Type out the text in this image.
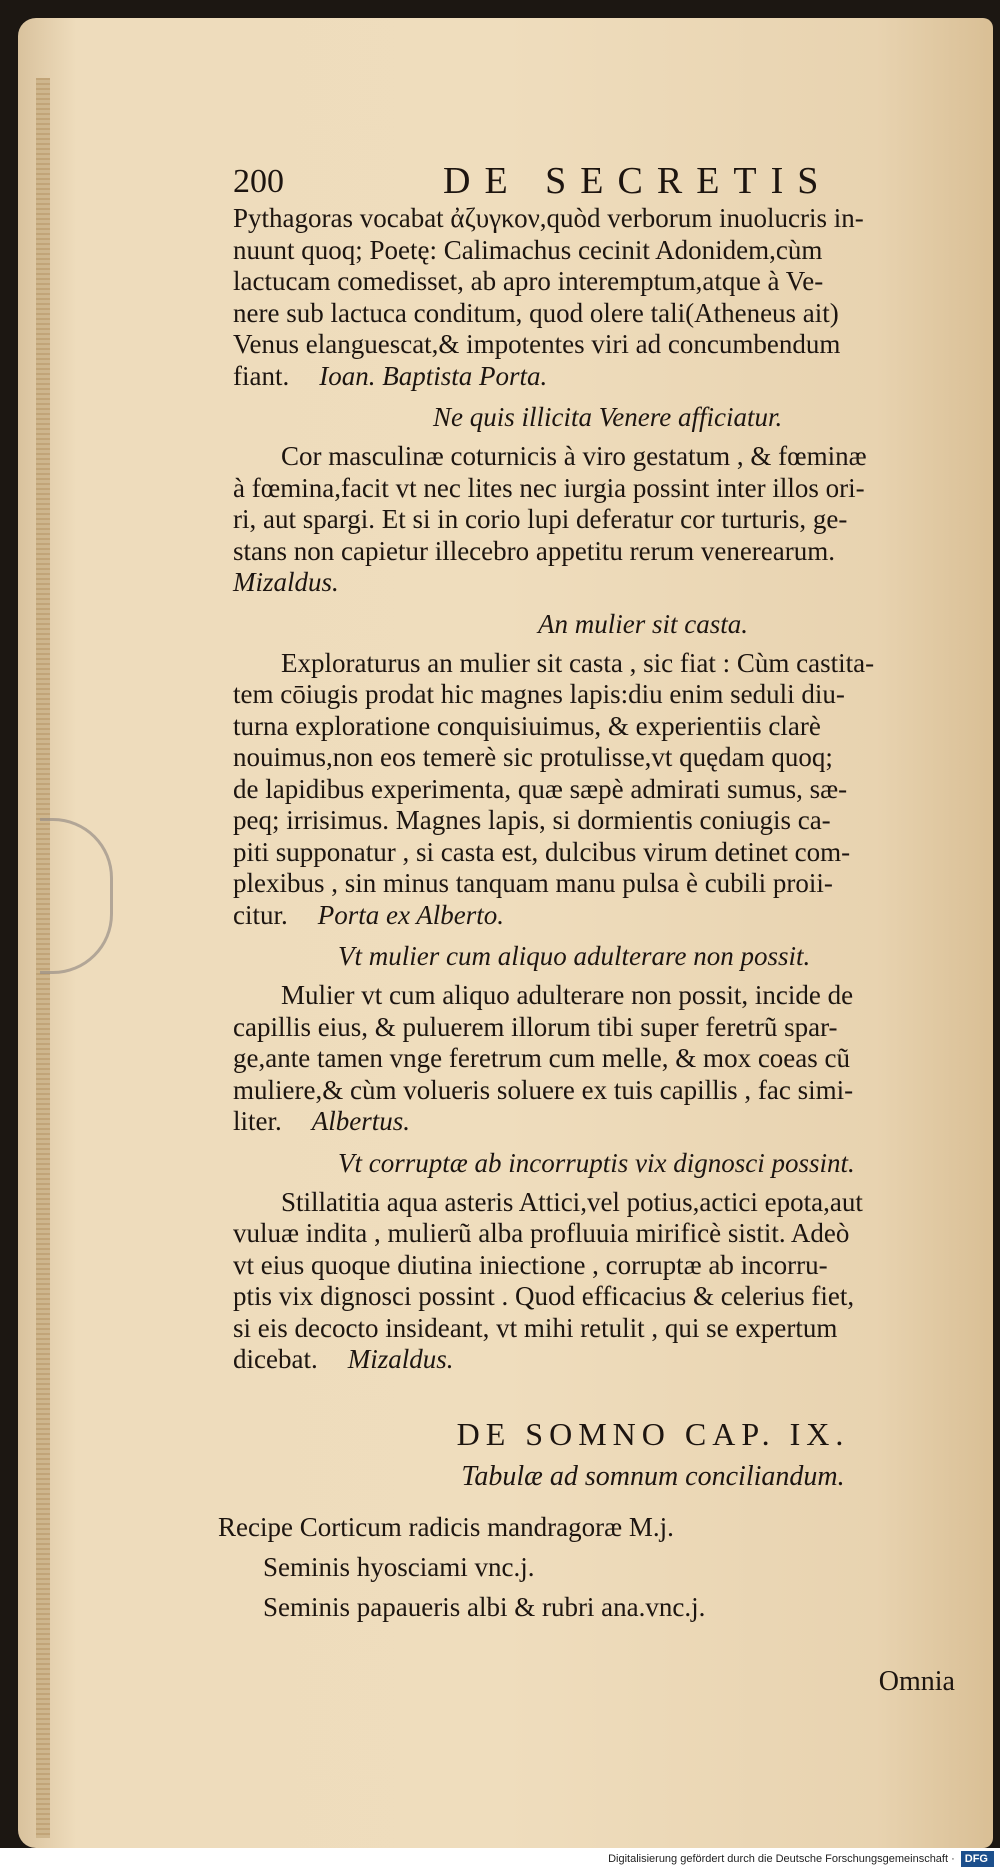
200	DE SECRETIS
Pythagoras vocabat ἀζυγκον,quòd verborum inuolucris in-
nuunt quoq; Poetę: Calimachus cecinit Adonidem,cùm
lactucam comedisset, ab apro interemptum,atque à Ve-
nere sub lactuca conditum, quod olere tali(Atheneus ait)
Venus elanguescat,& impotentes viri ad concumbendum
fiant. Ioan. Baptista Porta.
Ne quis illicita Venere afficiatur.
Cor masculinæ coturnicis à viro gestatum , & fœminæ
à fœmina,facit vt nec lites nec iurgia possint inter illos ori-
ri, aut spargi. Et si in corio lupi deferatur cor turturis, ge-
stans non capietur illecebro appetitu rerum venerearum.
Mizaldus.
An mulier sit casta.
Exploraturus an mulier sit casta , sic fiat : Cùm castita-
tem cōiugis prodat hic magnes lapis:diu enim seduli diu-
turna exploratione conquisiuimus, & experientiis clarè
nouimus,non eos temerè sic protulisse,vt quędam quoq;
de lapidibus experimenta, quæ sæpè admirati sumus, sæ-
peq; irrisimus. Magnes lapis, si dormientis coniugis ca-
piti supponatur , si casta est, dulcibus virum detinet com-
plexibus , sin minus tanquam manu pulsa è cubili proii-
citur. Porta ex Alberto.
Vt mulier cum aliquo adulterare non possit.
Mulier vt cum aliquo adulterare non possit, incide de
capillis eius, & puluerem illorum tibi super feretrũ spar-
ge,ante tamen vnge feretrum cum melle, & mox coeas cũ
muliere,& cùm volueris soluere ex tuis capillis , fac simi-
liter. Albertus.
Vt corruptæ ab incorruptis vix dignosci possint.
Stillatitia aqua asteris Attici,vel potius,actici epota,aut
vuluæ indita , mulierũ alba profluuia mirificè sistit. Adeò
vt eius quoque diutina iniectione , corruptæ ab incorru-
ptis vix dignosci possint . Quod efficacius & celerius fiet,
si eis decocto insideant, vt mihi retulit , qui se expertum
dicebat. Mizaldus.
DE SOMNO CAP. IX.
Tabulæ ad somnum conciliandum.
Recipe Corticum radicis mandragoræ M.j.
Seminis hyosciami vnc.j.
Seminis papaueris albi & rubri ana.vnc.j.
Omnia
Digitalisierung gefördert durch die Deutsche Forschungsgemeinschaft · DFG
